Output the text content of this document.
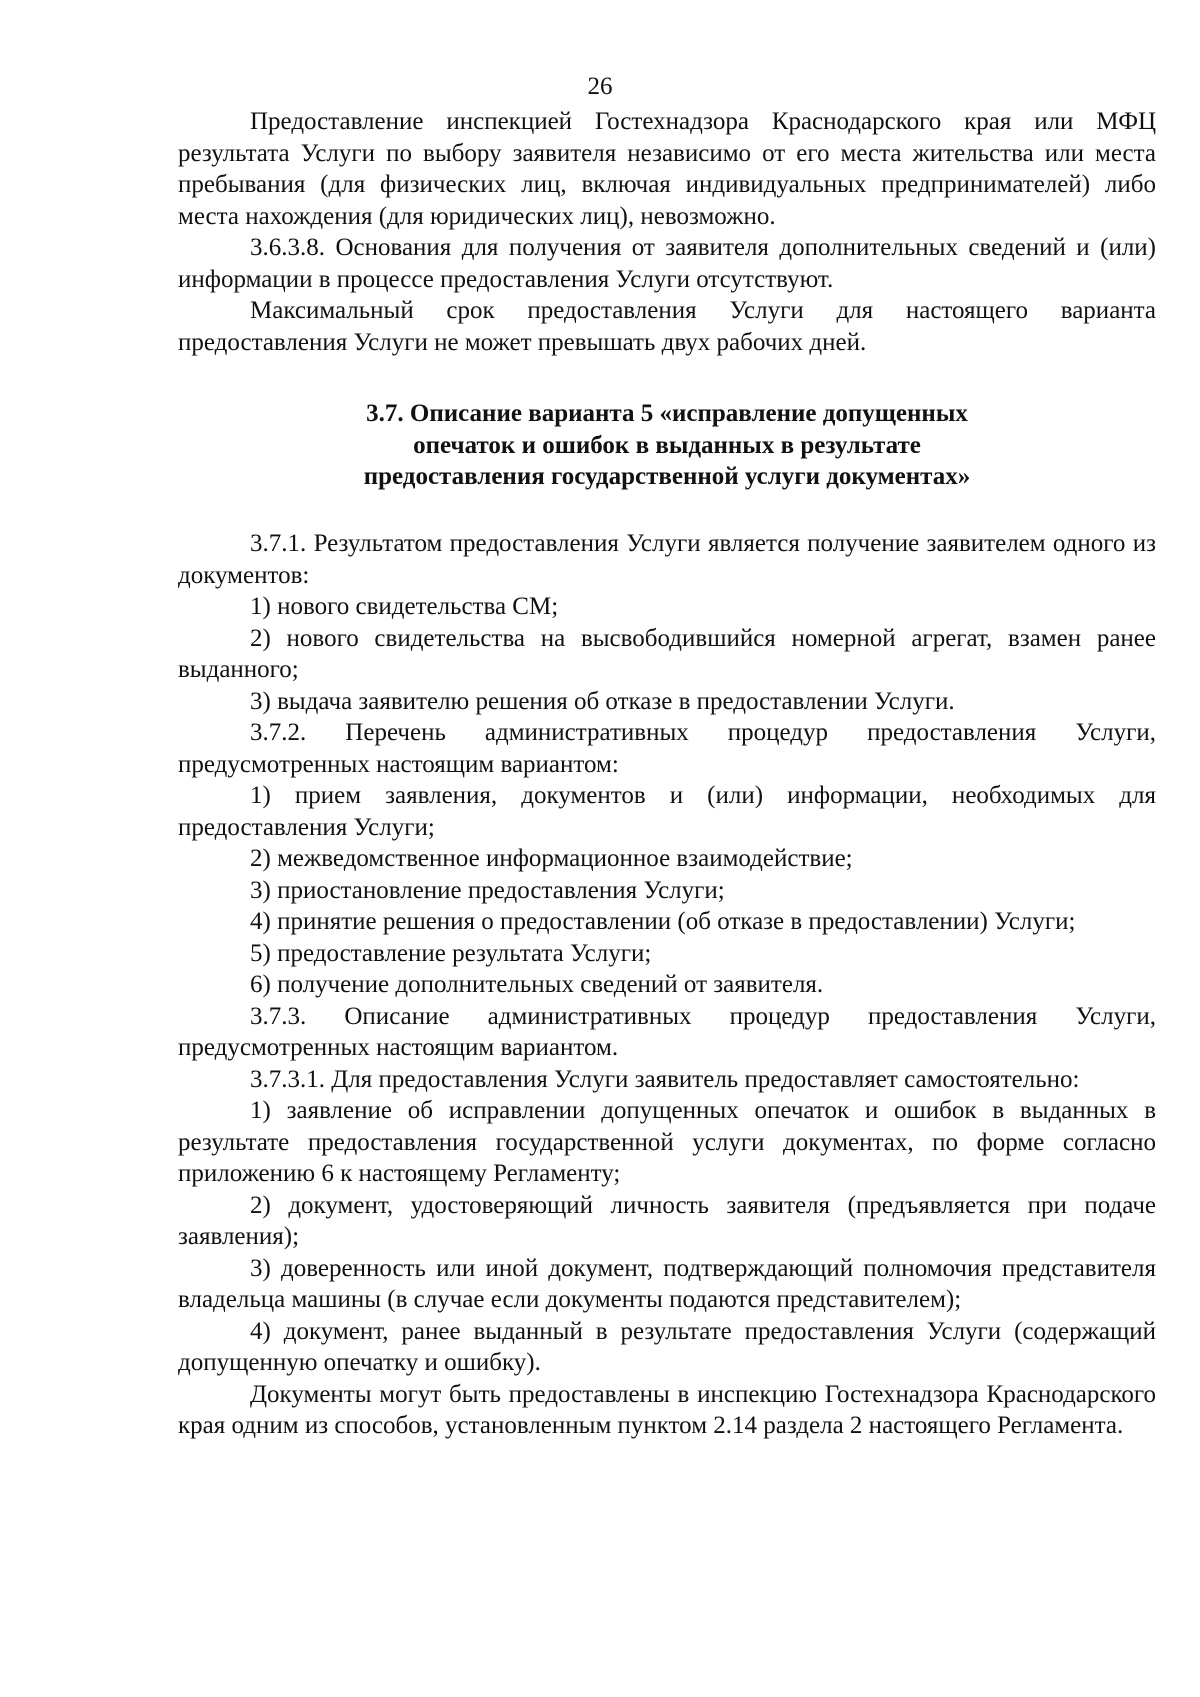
26

Предоставление инспекцией Гостехнадзора Краснодарского края или МФЦ результата Услуги по выбору заявителя независимо от его места жительства или места пребывания (для физических лиц, включая индивидуальных предпринимателей) либо места нахождения (для юридических лиц), невозможно.

3.6.3.8. Основания для получения от заявителя дополнительных сведений и (или) информации в процессе предоставления Услуги отсутствуют.

Максимальный срок предоставления Услуги для настоящего варианта предоставления Услуги не может превышать двух рабочих дней.

3.7. Описание варианта 5 «исправление допущенных
опечаток и ошибок в выданных в результате
предоставления государственной услуги документах»

3.7.1. Результатом предоставления Услуги является получение заявителем одного из документов:

1) нового свидетельства СМ;

2) нового свидетельства на высвободившийся номерной агрегат, взамен ранее выданного;

3) выдача заявителю решения об отказе в предоставлении Услуги.

3.7.2. Перечень административных процедур предоставления Услуги, предусмотренных настоящим вариантом:

1) прием заявления, документов и (или) информации, необходимых для предоставления Услуги;

2) межведомственное информационное взаимодействие;

3) приостановление предоставления Услуги;

4) принятие решения о предоставлении (об отказе в предоставлении) Услуги;

5) предоставление результата Услуги;

6) получение дополнительных сведений от заявителя.

3.7.3. Описание административных процедур предоставления Услуги, предусмотренных настоящим вариантом.

3.7.3.1. Для предоставления Услуги заявитель предоставляет самостоятельно:

1) заявление об исправлении допущенных опечаток и ошибок в выданных в результате предоставления государственной услуги документах, по форме согласно приложению 6 к настоящему Регламенту;

2) документ, удостоверяющий личность заявителя (предъявляется при подаче заявления);

3) доверенность или иной документ, подтверждающий полномочия представителя владельца машины (в случае если документы подаются представителем);

4) документ, ранее выданный в результате предоставления Услуги (содержащий допущенную опечатку и ошибку).

Документы могут быть предоставлены в инспекцию Гостехнадзора Краснодарского края одним из способов, установленным пунктом 2.14 раздела 2 настоящего Регламента.
